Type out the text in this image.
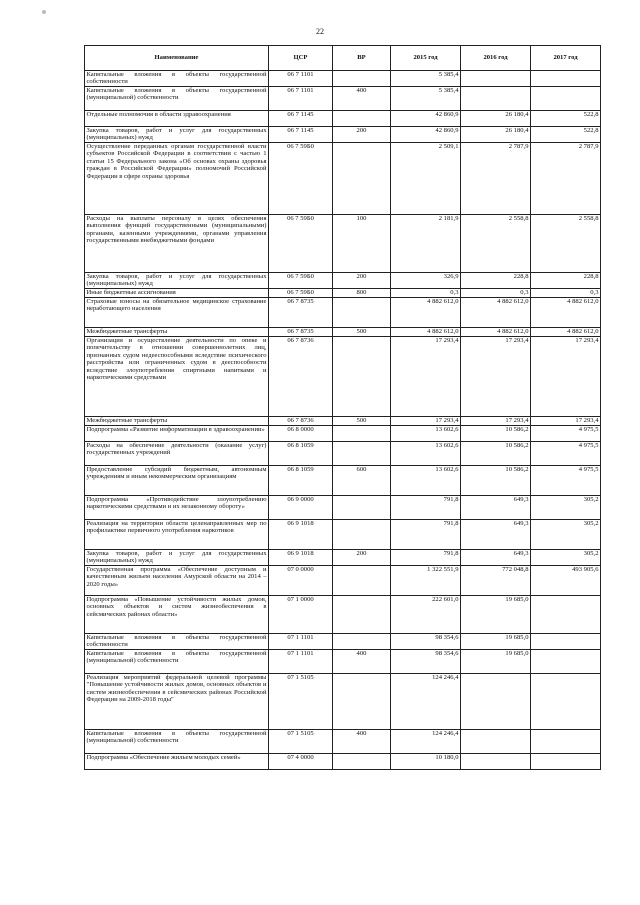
22
Наименование	ЦСР	ВР	2015 год	2016 год	2017 год
Капитальные вложения в объекты государственной собственности	06 7 1101		5 385,4		
Капитальные вложения в объекты государственной (муниципальной) собственности	06 7 1101	400	5 385,4		
Отдельные полномочия в области здравоохранения	06 7 1145		42 860,9	26 180,4	522,8
Закупка товаров, работ и услуг для государственных (муниципальных) нужд	06 7 1145	200	42 860,9	26 180,4	522,8
Осуществление переданных органам государственной власти субъектов Российской Федерации в соответствии с частью 1 статьи 15 Федерального закона «Об основах охраны здоровья граждан в Российской Федерации» полномочий Российской Федерации в сфере охраны здоровья	06 7 59Б0		2 509,1	2 787,9	2 787,9
Расходы на выплаты персоналу в целях обеспечения выполнения функций государственными (муниципальными) органами, казенными учреждениями, органами управления государственными внебюджетными фондами	06 7 59Б0	100	2 181,9	2 558,8	2 558,8
Закупка товаров, работ и услуг для государственных (муниципальных) нужд	06 7 59Б0	200	326,9	228,8	228,8
Иные бюджетные ассигнования	06 7 59Б0	800	0,3	0,3	0,3
Страховые взносы на обязательное медицинское страхование неработающего населения	06 7 8735		4 882 612,0	4 882 612,0	4 882 612,0
Межбюджетные трансферты	06 7 8735	500	4 882 612,0	4 882 612,0	4 882 612,0
Организация и осуществление деятельности по опеке и попечительству в отношении совершеннолетних лиц, признанных судом недееспособными вследствие психического расстройства или ограниченных судом в дееспособности вследствие злоупотребления спиртными напитками и наркотическими средствами	06 7 8736		17 293,4	17 293,4	17 293,4
Межбюджетные трансферты	06 7 8736	500	17 293,4	17 293,4	17 293,4
Подпрограмма «Развитие информатизации в здравоохранении»	06 8 0000		13 602,6	10 586,2	4 975,5
Расходы на обеспечение деятельности (оказание услуг) государственных учреждений	06 8 1059		13 602,6	10 586,2	4 975,5
Предоставление субсидий бюджетным, автономным учреждениям и иным некоммерческим организациям	06 8 1059	600	13 602,6	10 586,2	4 975,5
Подпрограмма «Противодействие злоупотреблению наркотическими средствами и их незаконному обороту»	06 9 0000		791,8	649,3	305,2
Реализация на территории области целенаправленных мер по профилактике первичного употребления наркотиков	06 9 1018		791,8	649,3	305,2
Закупка товаров, работ и услуг для государственных (муниципальных) нужд	06 9 1018	200	791,8	649,3	305,2
Государственная программа «Обеспечение доступным и качественным жильем населения Амурской области на 2014 – 2020 годы»	07 0 0000		1 322 551,9	772 048,8	493 905,6
Подпрограмма «Повышение устойчивости жилых домов, основных объектов и систем жизнеобеспечения в сейсмических районах области»	07 1 0000		222 601,0	19 685,0	
Капитальные вложения в объекты государственной собственности	07 1 1101		98 354,6	19 685,0	
Капитальные вложения в объекты государственной (муниципальной) собственности	07 1 1101	400	98 354,6	19 685,0	
Реализация мероприятий федеральной целевой программы "Повышение устойчивости жилых домов, основных объектов и систем жизнеобеспечения в сейсмических районах Российской Федерации на 2009-2018 годы"	07 1 5105		124 246,4		
Капитальные вложения в объекты государственной (муниципальной) собственности	07 1 5105	400	124 246,4		
Подпрограмма «Обеспечение жильем молодых семей»	07 4 0000		10 180,0		
